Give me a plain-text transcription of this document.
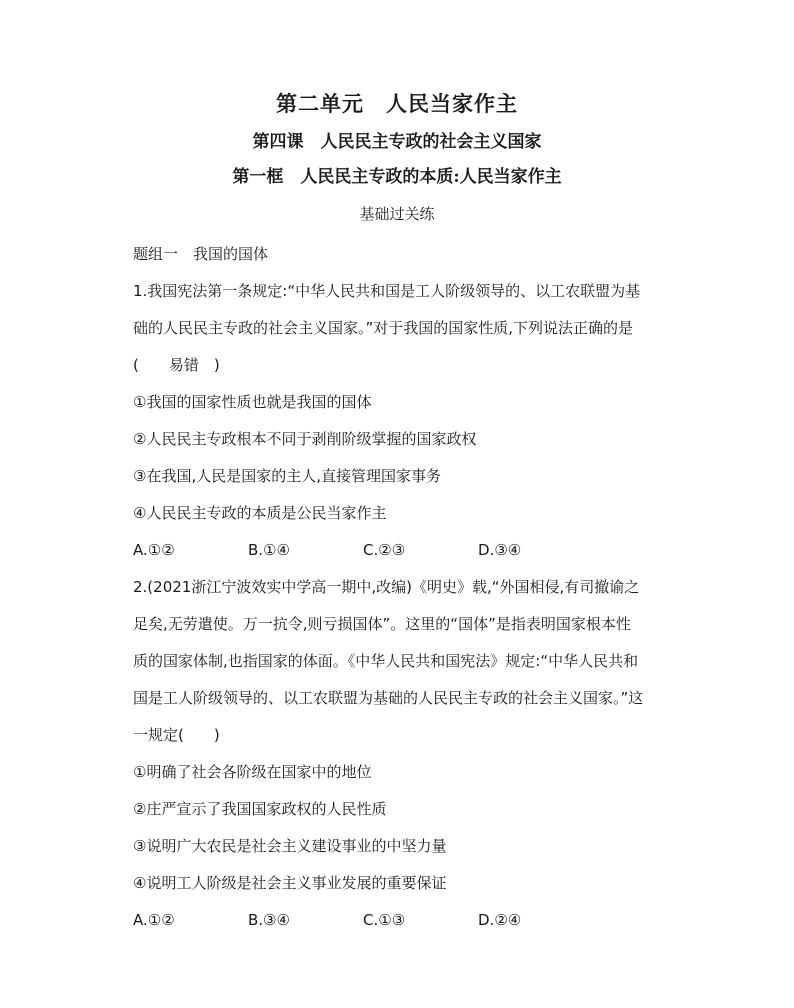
第二单元　人民当家作主
第四课　人民民主专政的社会主义国家
第一框　人民民主专政的本质:人民当家作主
基础过关练
题组一　我国的国体
1.我国宪法第一条规定:“中华人民共和国是工人阶级领导的、以工农联盟为基
础的人民民主专政的社会主义国家。”对于我国的国家性质,下列说法正确的是
(　　易错　)
①我国的国家性质也就是我国的国体
②人民民主专政根本不同于剥削阶级掌握的国家政权
③在我国,人民是国家的主人,直接管理国家事务
④人民民主专政的本质是公民当家作主
A.①②	B.①④	C.②③	D.③④
2.(2021浙江宁波效实中学高一期中,改编)《明史》载,“外国相侵,有司撤谕之
足矣,无劳遣使。万一抗令,则亏损国体”。这里的“国体”是指表明国家根本性
质的国家体制,也指国家的体面。《中华人民共和国宪法》规定:“中华人民共和
国是工人阶级领导的、以工农联盟为基础的人民民主专政的社会主义国家。”这
一规定(　　)
①明确了社会各阶级在国家中的地位
②庄严宣示了我国国家政权的人民性质
③说明广大农民是社会主义建设事业的中坚力量
④说明工人阶级是社会主义事业发展的重要保证
A.①②	B.③④	C.①③	D.②④
